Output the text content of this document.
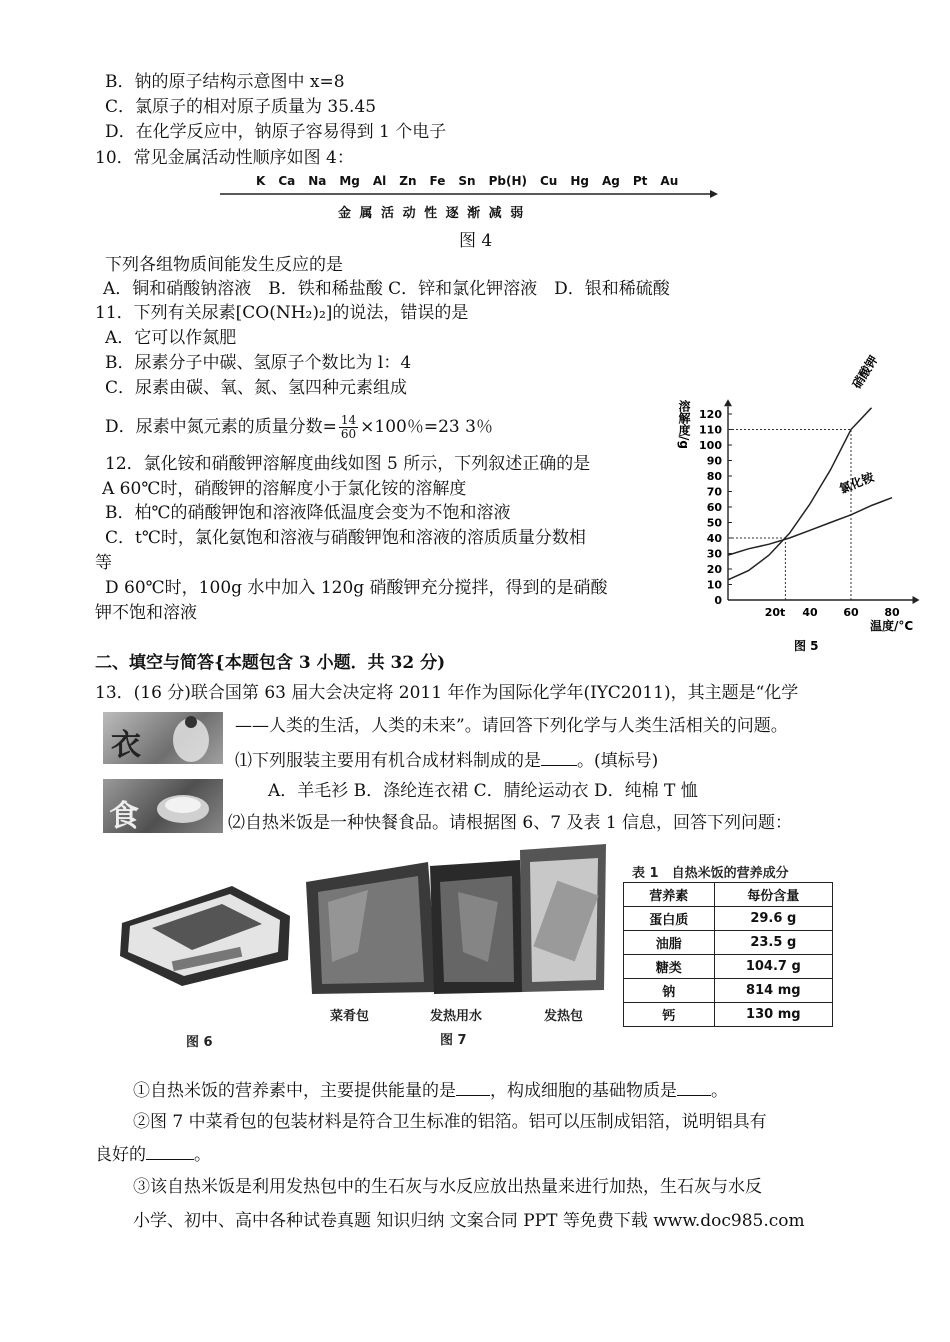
B．钠的原子结构示意图中 x=8
C．氯原子的相对原子质量为 35.45
D．在化学反应中，钠原子容易得到 1 个电子
10．常见金属活动性顺序如图 4：
K Ca Na Mg Al Zn Fe Sn Pb(H) Cu Hg Ag Pt Au
金 属 活 动 性 逐 渐 减 弱
图 4
下列各组物质间能发生反应的是
A．铜和硝酸钠溶液　B．铁和稀盐酸 C．锌和氯化钾溶液　D．银和稀硫酸
11．下列有关尿素[CO(NH₂)₂]的说法，错误的是
A．它可以作氮肥
B．尿素分子中碳、氢原子个数比为 l：4
C．尿素由碳、氧、氮、氢四种元素组成
D．尿素中氮元素的质量分数= $\frac{14}{60} \times 100$％=23 3％
12．氯化铵和硝酸钾溶解度曲线如图 5 所示，下列叙述正确的是
A 60℃时，硝酸钾的溶解度小于氯化铵的溶解度
B．柏℃的硝酸钾饱和溶液降低温度会变为不饱和溶液
C．t℃时，氯化氨饱和溶液与硝酸钾饱和溶液的溶质质量分数相
等
D 60℃时，100g 水中加入 120g 硝酸钾充分搅拌，得到的是硝酸
钾不饱和溶液
0
10
20
30
40
50
60
70
80
90
100
110
120
20t 40 60 80
硝酸钾
氯化铵
溶解度/g
温度/°C
图 5
二、填空与简答{本题包含 3 小题．共 32 分)
13．(16 分)联合国第 63 届大会决定将 2011 年作为国际化学年(IYC2011)，其主题是“化学
——人类的生活，人类的未来”。请回答下列化学与人类生活相关的问题。
衣
食
⑴下列服装主要用有机合成材料制成的是 。(填标号)
A．羊毛衫 B．涤纶连衣裙 C．腈纶运动衣 D．纯棉 T 恤
⑵自热米饭是一种快餐食品。请根据图 6、7 及表 1 信息，回答下列问题：
图 6
菜肴包	发热用水	发热包
图 7
表 1　自热米饭的营养成分
营养素	每份含量
蛋白质	29.6 g
油脂	23.5 g
糖类	104.7 g
钠	814 mg
钙	130 mg
①自热米饭的营养素中，主要提供能量的是 ，构成细胞的基础物质是 。
②图 7 中菜肴包的包装材料是符合卫生标准的铝箔。铝可以压制成铝箔，说明铝具有
良好的	。
③该自热米饭是利用发热包中的生石灰与水反应放出热量来进行加热，生石灰与水反
小学、初中、高中各种试卷真题 知识归纳 文案合同 PPT 等免费下载 www.doc985.com
